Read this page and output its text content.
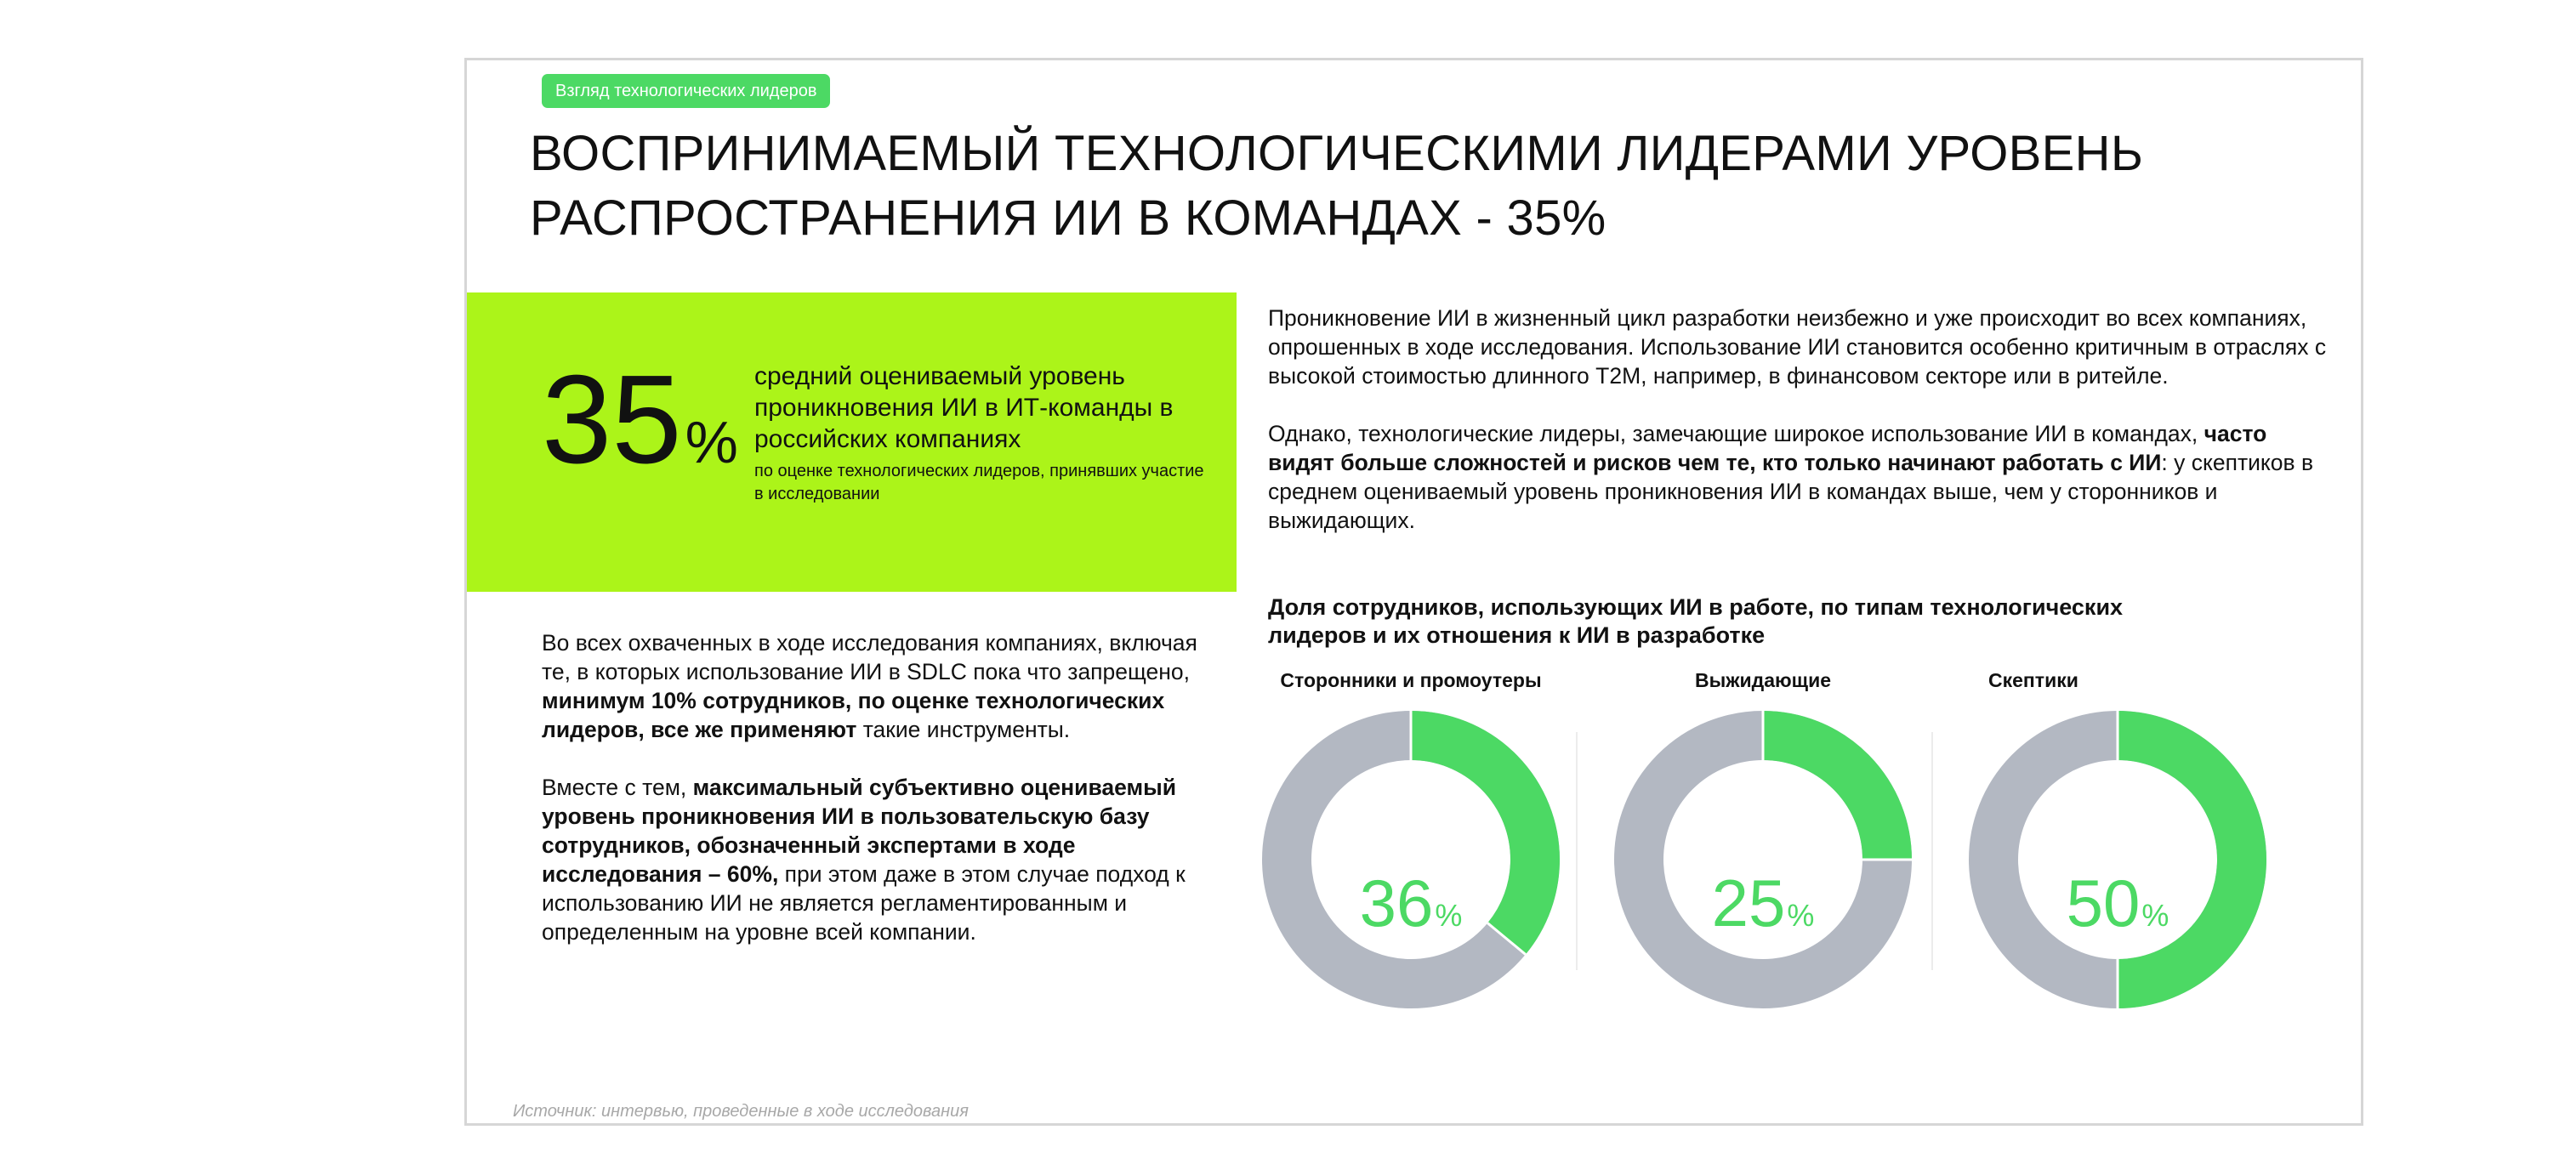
Взгляд технологических лидеров
ВОСПРИНИМАЕМЫЙ ТЕХНОЛОГИЧЕСКИМИ ЛИДЕРАМИ УРОВЕНЬ
РАСПРОСТРАНЕНИЯ ИИ В КОМАНДАХ - 35%
35%
средний оцениваемый уровень проникновения ИИ в ИТ-команды в российских компаниях
по оценке технологических лидеров, принявших участие в исследовании

Во всех охваченных в ходе исследования компаниях, включая те, в которых использование ИИ в SDLC пока что запрещено, минимум 10% сотрудников, по оценке технологических лидеров, все же применяют такие инструменты.

Вместе с тем, максимальный субъективно оцениваемый уровень проникновения ИИ в пользовательскую базу сотрудников, обозначенный экспертами в ходе исследования – 60%, при этом даже в этом случае подход к использованию ИИ не является регламентированным и определенным на уровне всей компании.

Проникновение ИИ в жизненный цикл разработки неизбежно и уже происходит во всех компаниях, опрошенных в ходе исследования. Использование ИИ становится особенно критичным в отраслях с высокой стоимостью длинного T2M, например, в финансовом секторе или в ритейле.

Однако, технологические лидеры, замечающие широкое использование ИИ в командах, часто видят больше сложностей и рисков чем те, кто только начинают работать с ИИ: у скептиков в среднем оцениваемый уровень проникновения ИИ в командах выше, чем у сторонников и выжидающих.

Доля сотрудников, использующих ИИ в работе, по типам технологических лидеров и их отношения к ИИ в разработке
Сторонники и промоутеры
36%
Выжидающие
25%
Скептики
50%
Источник: интервью, проведенные в ходе исследования
